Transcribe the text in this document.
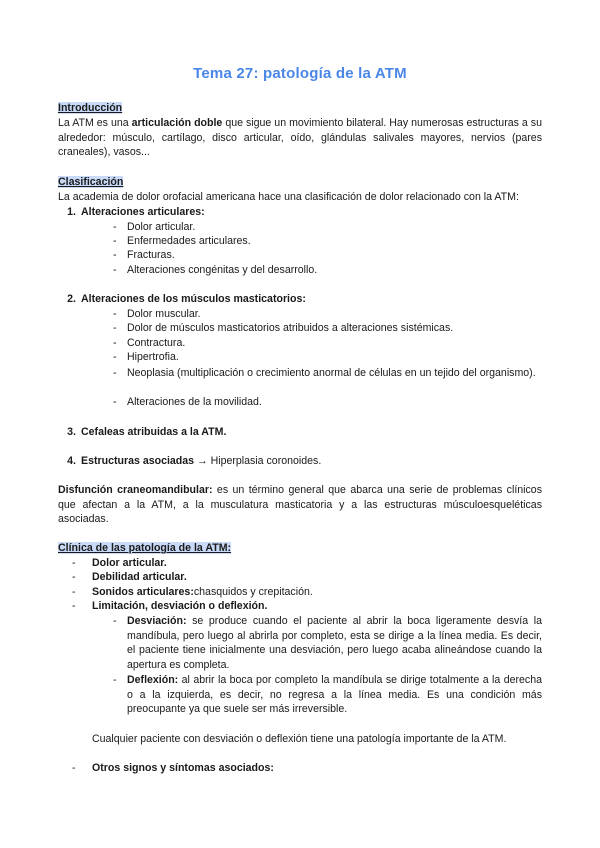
Tema 27: patología de la ATM
Introducción
La ATM es una articulación doble que sigue un movimiento bilateral. Hay numerosas estructuras a su alrededor: músculo, cartílago, disco articular, oído, glándulas salivales mayores, nervios (pares craneales), vasos...
Clasificación
La academia de dolor orofacial americana hace una clasificación de dolor relacionado con la ATM:
1. Alteraciones articulares:
- Dolor articular.
- Enfermedades articulares.
- Fracturas.
- Alteraciones congénitas y del desarrollo.
2. Alteraciones de los músculos masticatorios:
- Dolor muscular.
- Dolor de músculos masticatorios atribuidos a alteraciones sistémicas.
- Contractura.
- Hipertrofia.
- Neoplasia (multiplicación o crecimiento anormal de células en un tejido del organismo).
- Alteraciones de la movilidad.
3. Cefaleas atribuidas a la ATM.
4. Estructuras asociadas
→
Hiperplasia coronoides.
Disfunción craneomandibular: es un término general que abarca una serie de problemas clínicos que afectan a la ATM, a la musculatura masticatoria y a las estructuras músculoesqueléticas asociadas.
Clínica de las patología de la ATM:
-	Dolor articular.
-	Debilidad articular.
-	Sonidos articulares: chasquidos y crepitación.
-	Limitación, desviación o deflexión.
- Desviación: se produce cuando el paciente al abrir la boca ligeramente desvía la mandíbula, pero luego al abrirla por completo, esta se dirige a la línea media. Es decir, el paciente tiene inicialmente una desviación, pero luego acaba alineándose cuando la apertura es completa.
- Deflexión: al abrir la boca por completo la mandíbula se dirige totalmente a la derecha o a la izquierda, es decir, no regresa a la línea media. Es una condición más preocupante ya que suele ser más irreversible.
Cualquier paciente con desviación o deflexión tiene una patología importante de la ATM.
-	Otros signos y síntomas asociados:
